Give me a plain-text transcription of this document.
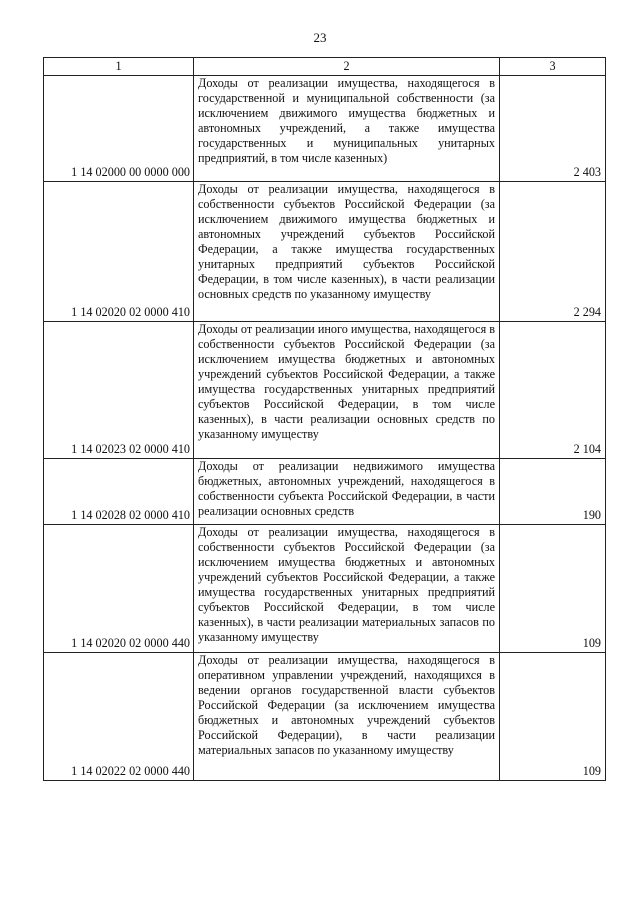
23
1	2	3
1 14 02000 00 0000 000	Доходы от реализации имущества, находящегося в государственной и муниципальной собственности (за исключением движимого имущества бюджетных и автономных учреждений, а также имущества государственных и муниципальных унитарных предприятий, в том числе казенных)	2 403
1 14 02020 02 0000 410	Доходы от реализации имущества, находящегося в собственности субъектов Российской Федерации (за исключением движимого имущества бюджетных и автономных учреждений субъектов Российской Федерации, а также имущества государственных унитарных предприятий субъектов Российской Федерации, в том числе казенных), в части реализации основных средств по указанному имуществу	2 294
1 14 02023 02 0000 410	Доходы от реализации иного имущества, находящегося в собственности субъектов Российской Федерации (за исключением имущества бюджетных и автономных учреждений субъектов Российской Федерации, а также имущества государственных унитарных предприятий субъектов Российской Федерации, в том числе казенных), в части реализации основных средств по указанному имуществу	2 104
1 14 02028 02 0000 410	Доходы от реализации недвижимого имущества бюджетных, автономных учреждений, находящегося в собственности субъекта Российской Федерации, в части реализации основных средств	190
1 14 02020 02 0000 440	Доходы от реализации имущества, находящегося в собственности субъектов Российской Федерации (за исключением имущества бюджетных и автономных учреждений субъектов Российской Федерации, а также имущества государственных унитарных предприятий субъектов Российской Федерации, в том числе казенных), в части реализации материальных запасов по указанному имуществу	109
1 14 02022 02 0000 440	Доходы от реализации имущества, находящегося в оперативном управлении учреждений, находящихся в ведении органов государственной власти субъектов Российской Федерации (за исключением имущества бюджетных и автономных учреждений субъектов Российской Федерации), в части реализации материальных запасов по указанному имуществу	109
